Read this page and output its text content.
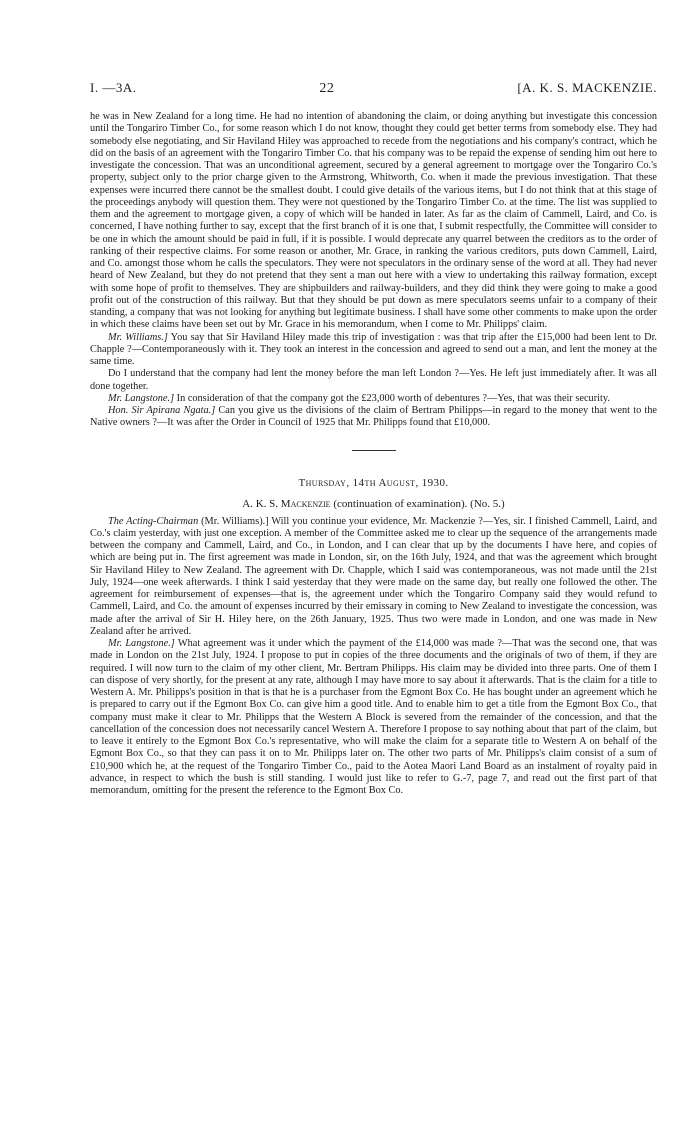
I. —3A.	22	[A. K. S. MACKENZIE.

he was in New Zealand for a long time. He had no intention of abandoning the claim, or doing anything but investigate this concession until the Tongariro Timber Co., for some reason which I do not know, thought they could get better terms from somebody else. They had somebody else negotiating, and Sir Haviland Hiley was approached to recede from the negotiations and his company's contract, which he did on the basis of an agreement with the Tongariro Timber Co. that his company was to be repaid the expense of sending him out here to investigate the concession. That was an unconditional agreement, secured by a general agreement to mortgage over the Tongariro Co.'s property, subject only to the prior charge given to the Armstrong, Whitworth, Co. when it made the previous investigation. That these expenses were incurred there cannot be the smallest doubt. I could give details of the various items, but I do not think that at this stage of the proceedings anybody will question them. They were not questioned by the Tongariro Timber Co. at the time. The list was supplied to them and the agreement to mortgage given, a copy of which will be handed in later. As far as the claim of Cammell, Laird, and Co. is concerned, I have nothing further to say, except that the first branch of it is one that, I submit respectfully, the Committee will consider to be one in which the amount should be paid in full, if it is possible. I would deprecate any quarrel between the creditors as to the order of ranking of their respective claims. For some reason or another, Mr. Grace, in ranking the various creditors, puts down Cammell, Laird, and Co. amongst those whom he calls the speculators. They were not speculators in the ordinary sense of the word at all. They had never heard of New Zealand, but they do not pretend that they sent a man out here with a view to undertaking this railway formation, except with some hope of profit to themselves. They are shipbuilders and railway-builders, and they did think they were going to make a good profit out of the construction of this railway. But that they should be put down as mere speculators seems unfair to a company of their standing, a company that was not looking for anything but legitimate business. I shall have some other comments to make upon the order in which these claims have been set out by Mr. Grace in his memorandum, when I come to Mr. Philipps' claim.

Mr. Williams.] You say that Sir Haviland Hiley made this trip of investigation : was that trip after the £15,000 had been lent to Dr. Chapple ?—Contemporaneously with it. They took an interest in the concession and agreed to send out a man, and lent the money at the same time.

Do I understand that the company had lent the money before the man left London ?—Yes. He left just immediately after. It was all done together.

Mr. Langstone.] In consideration of that the company got the £23,000 worth of debentures ?—Yes, that was their security.

Hon. Sir Apirana Ngata.] Can you give us the divisions of the claim of Bertram Philipps—in regard to the money that went to the Native owners ?—It was after the Order in Council of 1925 that Mr. Philipps found that £10,000.

Thursday, 14th August, 1930.
A. K. S. Mackenzie (continuation of examination). (No. 5.)

The Acting-Chairman (Mr. Williams).] Will you continue your evidence, Mr. Mackenzie ?—Yes, sir. I finished Cammell, Laird, and Co.'s claim yesterday, with just one exception. A member of the Committee asked me to clear up the sequence of the arrangements made between the company and Cammell, Laird, and Co., in London, and I can clear that up by the documents I have here, and copies of which are being put in. The first agreement was made in London, sir, on the 16th July, 1924, and that was the agreement which brought Sir Haviland Hiley to New Zealand. The agreement with Dr. Chapple, which I said was contemporaneous, was not made until the 21st July, 1924—one week afterwards. I think I said yesterday that they were made on the same day, but really one followed the other. The agreement for reimbursement of expenses—that is, the agreement under which the Tongariro Company said they would refund to Cammell, Laird, and Co. the amount of expenses incurred by their emissary in coming to New Zealand to investigate the concession, was made after the arrival of Sir H. Hiley here, on the 26th January, 1925. Thus two were made in London, and one was made in New Zealand after he arrived.

Mr. Langstone.] What agreement was it under which the payment of the £14,000 was made ?—That was the second one, that was made in London on the 21st July, 1924. I propose to put in copies of the three documents and the originals of two of them, if they are required. I will now turn to the claim of my other client, Mr. Bertram Philipps. His claim may be divided into three parts. One of them I can dispose of very shortly, for the present at any rate, although I may have more to say about it afterwards. That is the claim for a title to Western A. Mr. Philipps's position in that is that he is a purchaser from the Egmont Box Co. He has bought under an agreement which he is prepared to carry out if the Egmont Box Co. can give him a good title. And to enable him to get a title from the Egmont Box Co., that company must make it clear to Mr. Philipps that the Western A Block is severed from the remainder of the concession, and that the cancellation of the concession does not necessarily cancel Western A. Therefore I propose to say nothing about that part of the claim, but to leave it entirely to the Egmont Box Co.'s representative, who will make the claim for a separate title to Western A on behalf of the Egmont Box Co., so that they can pass it on to Mr. Philipps later on. The other two parts of Mr. Philipps's claim consist of a sum of £10,900 which he, at the request of the Tongariro Timber Co., paid to the Aotea Maori Land Board as an instalment of royalty paid in advance, in respect to which the bush is still standing. I would just like to refer to G.-7, page 7, and read out the first part of that memorandum, omitting for the present the reference to the Egmont Box Co.
